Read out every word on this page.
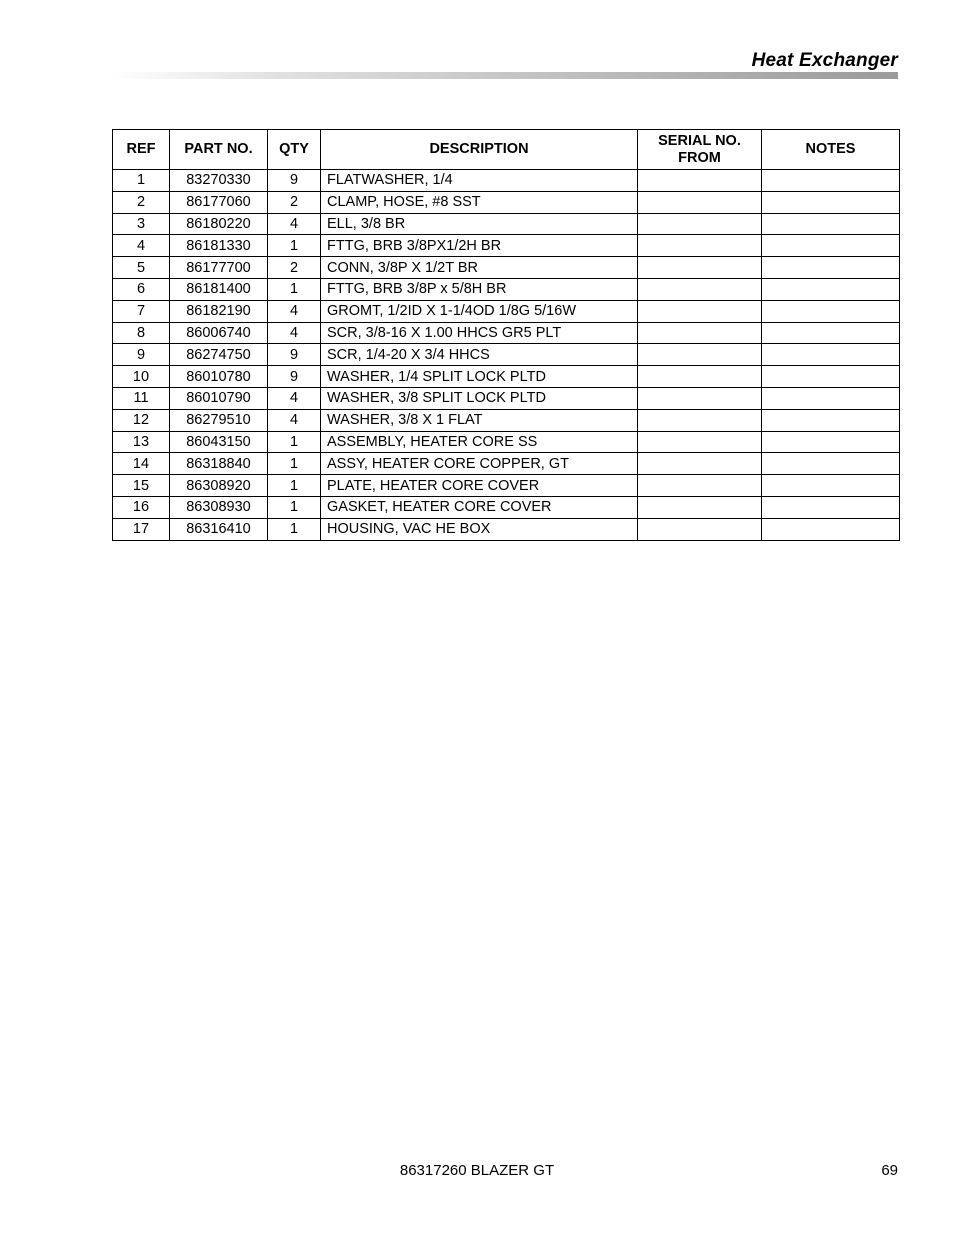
Heat Exchanger
REF	PART NO.	QTY	DESCRIPTION	SERIAL NO. FROM	NOTES
1	83270330	9	FLATWASHER, 1/4		
2	86177060	2	CLAMP, HOSE, #8 SST		
3	86180220	4	ELL, 3/8 BR		
4	86181330	1	FTTG, BRB 3/8PX1/2H BR		
5	86177700	2	CONN, 3/8P X 1/2T BR		
6	86181400	1	FTTG, BRB 3/8P x 5/8H BR		
7	86182190	4	GROMT, 1/2ID X 1-1/4OD 1/8G 5/16W		
8	86006740	4	SCR, 3/8-16 X 1.00 HHCS GR5 PLT		
9	86274750	9	SCR, 1/4-20 X 3/4 HHCS		
10	86010780	9	WASHER, 1/4 SPLIT LOCK PLTD		
11	86010790	4	WASHER, 3/8 SPLIT LOCK PLTD		
12	86279510	4	WASHER, 3/8 X 1 FLAT		
13	86043150	1	ASSEMBLY, HEATER CORE SS		
14	86318840	1	ASSY, HEATER CORE COPPER, GT		
15	86308920	1	PLATE, HEATER CORE COVER		
16	86308930	1	GASKET, HEATER CORE COVER		
17	86316410	1	HOUSING, VAC HE BOX		
86317260 BLAZER GT	69
